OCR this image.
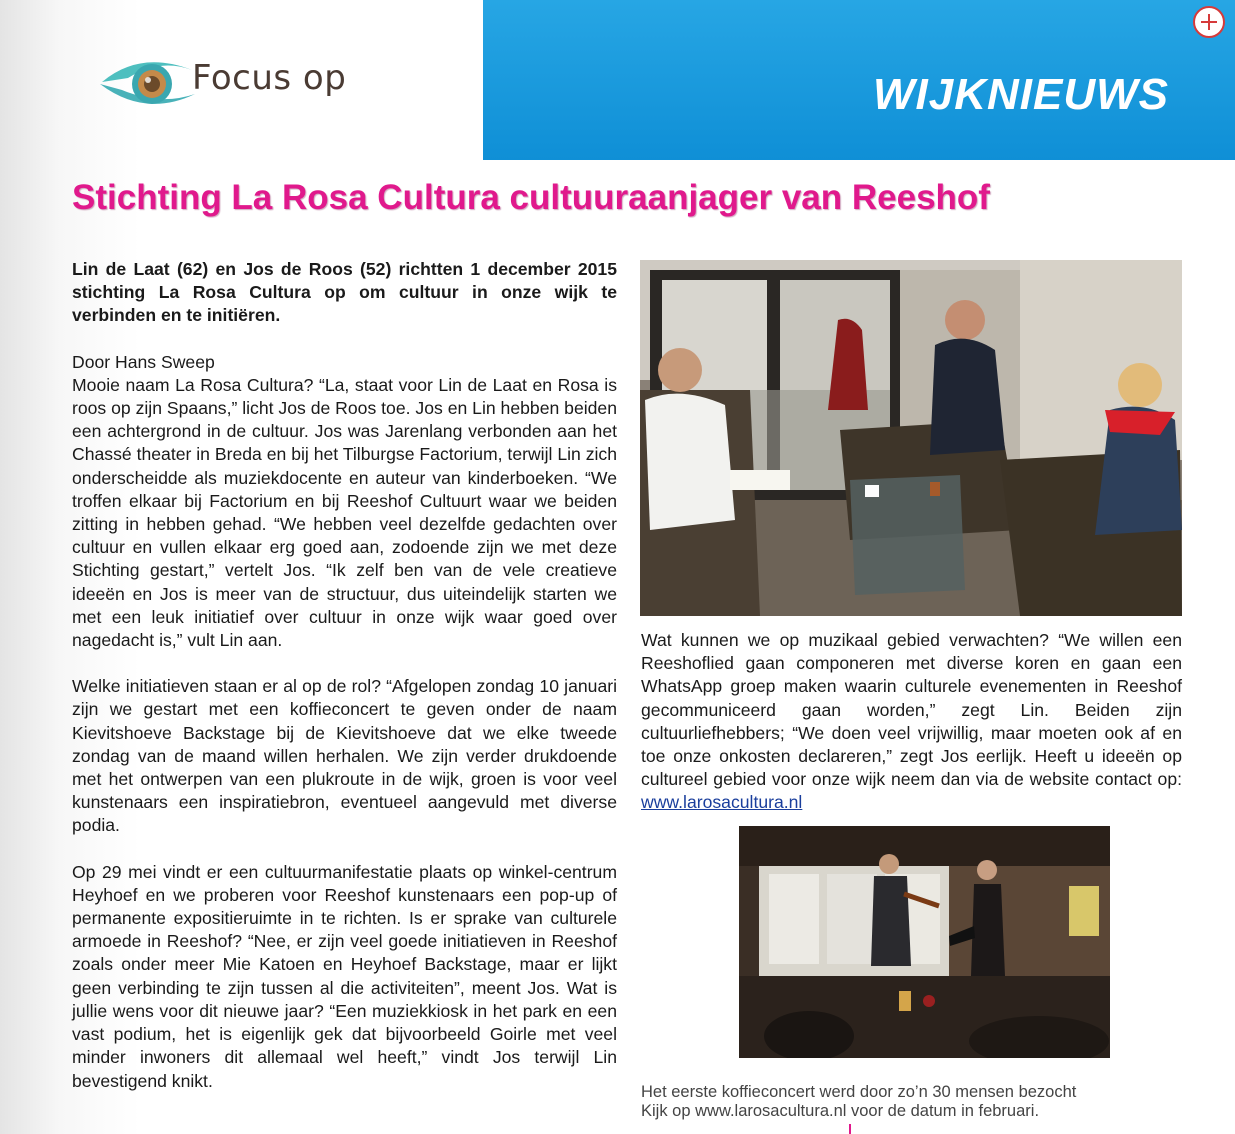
Focus op	WIJKNIEUWS
Stichting La Rosa Cultura cultuuraanjager van Reeshof

Lin de Laat (62) en Jos de Roos (52) richtten 1 december 2015 stichting La Rosa Cultura op om cultuur in onze wijk te verbinden en te initiëren.

Door Hans Sweep

Mooie naam La Rosa Cultura? “La, staat voor Lin de Laat en Rosa is roos op zijn Spaans,” licht Jos de Roos toe. Jos en Lin hebben beiden een achtergrond in de cultuur. Jos was Jarenlang verbonden aan het Chassé theater in Breda en bij het Tilburgse Factorium, terwijl Lin zich onderscheidde als muziekdocente en auteur van kinderboeken. “We troffen elkaar bij Factorium en bij Reeshof Cultuurt waar we beiden zitting in hebben gehad. “We hebben veel dezelfde gedachten over cultuur en vullen elkaar erg goed aan, zodoende zijn we met deze Stichting gestart,” vertelt Jos. “Ik zelf ben van de vele creatieve ideeën en Jos is meer van de structuur, dus uiteindelijk starten we met een leuk initiatief over cultuur in onze wijk waar goed over nagedacht is,” vult Lin aan.

Welke initiatieven staan er al op de rol? “Afgelopen zondag 10 januari zijn we gestart met een koffieconcert te geven onder de naam Kievitshoeve Backstage bij de Kievitshoeve dat we elke tweede zondag van de maand willen herhalen. We zijn verder drukdoende met het ontwerpen van een plukroute in de wijk, groen is voor veel kunstenaars een inspiratiebron, eventueel aangevuld met diverse podia.

Op 29 mei vindt er een cultuurmanifestatie plaats op winkel-centrum Heyhoef en we proberen voor Reeshof kunstenaars een pop-up of permanente expositieruimte in te richten. Is er sprake van culturele armoede in Reeshof? “Nee, er zijn veel goede initiatieven in Reeshof zoals onder meer Mie Katoen en Heyhoef Backstage, maar er lijkt geen verbinding te zijn tussen al die activiteiten”, meent Jos. Wat is jullie wens voor dit nieuwe jaar? “Een muziekkiosk in het park en een vast podium, het is eigenlijk gek dat bijvoorbeeld Goirle met veel minder inwoners dit allemaal wel heeft,” vindt Jos terwijl Lin bevestigend knikt.

Wat kunnen we op muzikaal gebied verwachten? “We willen een Reeshoflied gaan componeren met diverse koren en gaan een WhatsApp groep maken waarin culturele evenementen in Reeshof gecommuniceerd gaan worden,” zegt Lin. Beiden zijn cultuurliefhebbers; “We doen veel vrijwillig, maar moeten ook af en toe onze onkosten declareren,” zegt Jos eerlijk. Heeft u ideeën op cultureel gebied voor onze wijk neem dan via de website contact op: www.larosacultura.nl

Het eerste koffieconcert werd door zo’n 30 mensen bezocht
Kijk op www.larosacultura.nl voor de datum in februari.
